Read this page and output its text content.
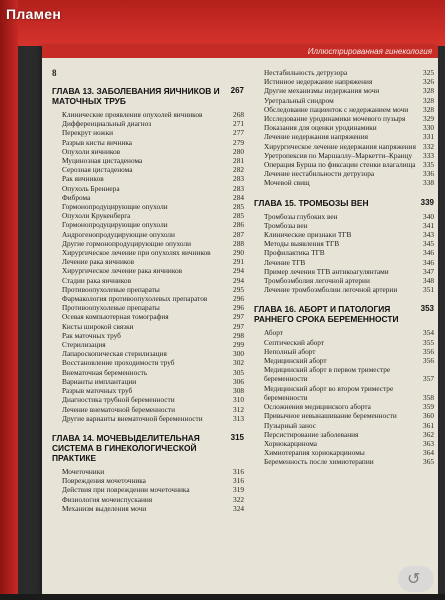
Пламен
Иллюстрированная гинекология
8
ГЛАВА 13. ЗАБОЛЕВАНИЯ ЯИЧНИКОВ И МАТОЧНЫХ ТРУБ
267
Клинические проявления опухолей яичников	268
Дифференциальный диагноз	271
Перекрут ножки	277
Разрыв кисты яичника	279
Опухоли яичников	280
Муцинозная цистаденома	281
Серозная цистаденома	282
Рак яичников	283
Опухоль Бреннера	283
Фиброма	284
Гормонопродуцирующие опухоли	285
Опухоли Крукенберга	285
Гормонопродуцирующие опухоли	286
Андрогенопродуцирующие опухоли	287
Другие гормонопродуцирующие опухоли	288
Хирургическое лечение при опухолях яичников	290
Лечение рака яичников	291
Хирургическое лечение рака яичников	294
Стадии рака яичников	294
Противоопухолевые препараты	295
Фармакология противоопухолевых препаратов	296
Противоопухолевые препараты	296
Осевая компьютерная томография	297
Кисты широкой связки	297
Рак маточных труб	298
Стерилизация	299
Лапароскопическая стерилизация	300
Восстановление проходимости труб	302
Внематочная беременность	305
Варианты имплантации	306
Разрыв маточных труб	308
Диагностика трубной беременности	310
Лечение внематочной беременности	312
Другие варианты внематочной беременности	313
ГЛАВА 14. МОЧЕВЫДЕЛИТЕЛЬНАЯ СИСТЕМА В ГИНЕКОЛОГИЧЕСКОЙ ПРАКТИКЕ
315
Мочеточники	316
Повреждения мочеточника	316
Действия при повреждении мочеточника	319
Физиология мочеиспускания	322
Механизм выделения мочи	324
Нестабильность детрузора	325
Истинное недержание напряжения	326
Другие механизмы недержания мочи	328
Уретральный синдром	328
Обследование пациенток с недержанием мочи 328
Исследование уродинамики мочевого пузыря 329
Показания для оценки уродинамики	330
Лечение недержания напряжения	331
Хирургическое лечение недержания напряжения 332
Уретропексия по Маршаллу–Маркетти–Кранцу 333
Операция Бурша по фиксации стенки влагалища 335
Лечение нестабильности детрузора	336
Мочевой свищ	338
ГЛАВА 15. ТРОМБОЗЫ ВЕН	339
Тромбозы глубоких вен	340
Тромбозы вен	341
Клинические признаки ТГВ	343
Методы выявления ТГВ	345
Профилактика ТГВ	346
Лечение ТГВ	346
Пример лечения ТГВ антикоагулянтами	347
Тромбоэмболия легочной артерии	348
Лечение тромбоэмболии легочной артерии	351
ГЛАВА 16. АБОРТ И ПАТОЛОГИЯ РАННЕГО СРОКА БЕРЕМЕННОСТИ
353
Аборт	354
Септический аборт	355
Неполный аборт	356
Медицинский аборт	356
Медицинский аборт в первом триместре беременности	357
Медицинский аборт во втором триместре беременности	358
Осложнения медицинского аборта	359
Привычное невынашивание беременности	360
Пузырный занос	361
Персистирование заболевания	362
Хориокарцинома	363
Химиотерапия хориокарциномы	364
Беременность после химиотерапии	365
↺
